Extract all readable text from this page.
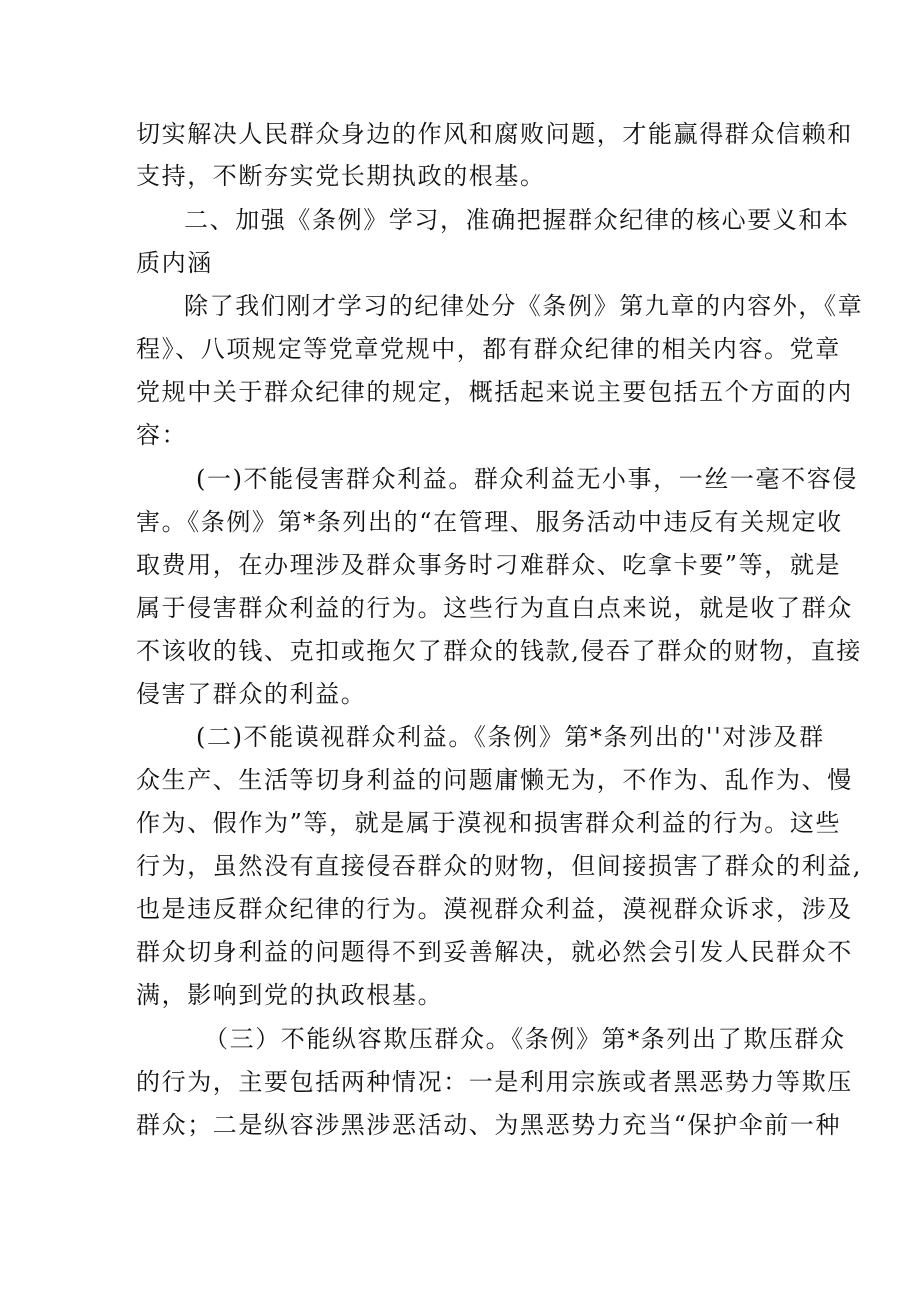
切实解决人民群众身边的作风和腐败问题，才能赢得群众信赖和
支持，不断夯实党长期执政的根基。
二、加强《条例》学习，准确把握群众纪律的核心要义和本
质内涵
除了我们刚才学习的纪律处分《条例》第九章的内容外，《章
程》、八项规定等党章党规中，都有群众纪律的相关内容。党章
党规中关于群众纪律的规定，概括起来说主要包括五个方面的内
容：
(一)不能侵害群众利益。群众利益无小事，一丝一毫不容侵
害。《条例》第*条列出的“在管理、服务活动中违反有关规定收
取费用，在办理涉及群众事务时刁难群众、吃拿卡要”等，就是
属于侵害群众利益的行为。这些行为直白点来说，就是收了群众
不该收的钱、克扣或拖欠了群众的钱款,侵吞了群众的财物，直接
侵害了群众的利益。
(二)不能谟视群众利益。《条例》第*条列出的''对涉及群
众生产、生活等切身利益的问题庸懒无为，不作为、乱作为、慢
作为、假作为”等，就是属于漠视和损害群众利益的行为。这些
行为，虽然没有直接侵吞群众的财物，但间接损害了群众的利益,
也是违反群众纪律的行为。漠视群众利益，漠视群众诉求，涉及
群众切身利益的问题得不到妥善解决，就必然会引发人民群众不
满，影响到党的执政根基。
（三）不能纵容欺压群众。《条例》第*条列出了欺压群众
的行为，主要包括两种情况：一是利用宗族或者黑恶势力等欺压
群众；二是纵容涉黑涉恶活动、为黑恶势力充当“保护伞前一种
